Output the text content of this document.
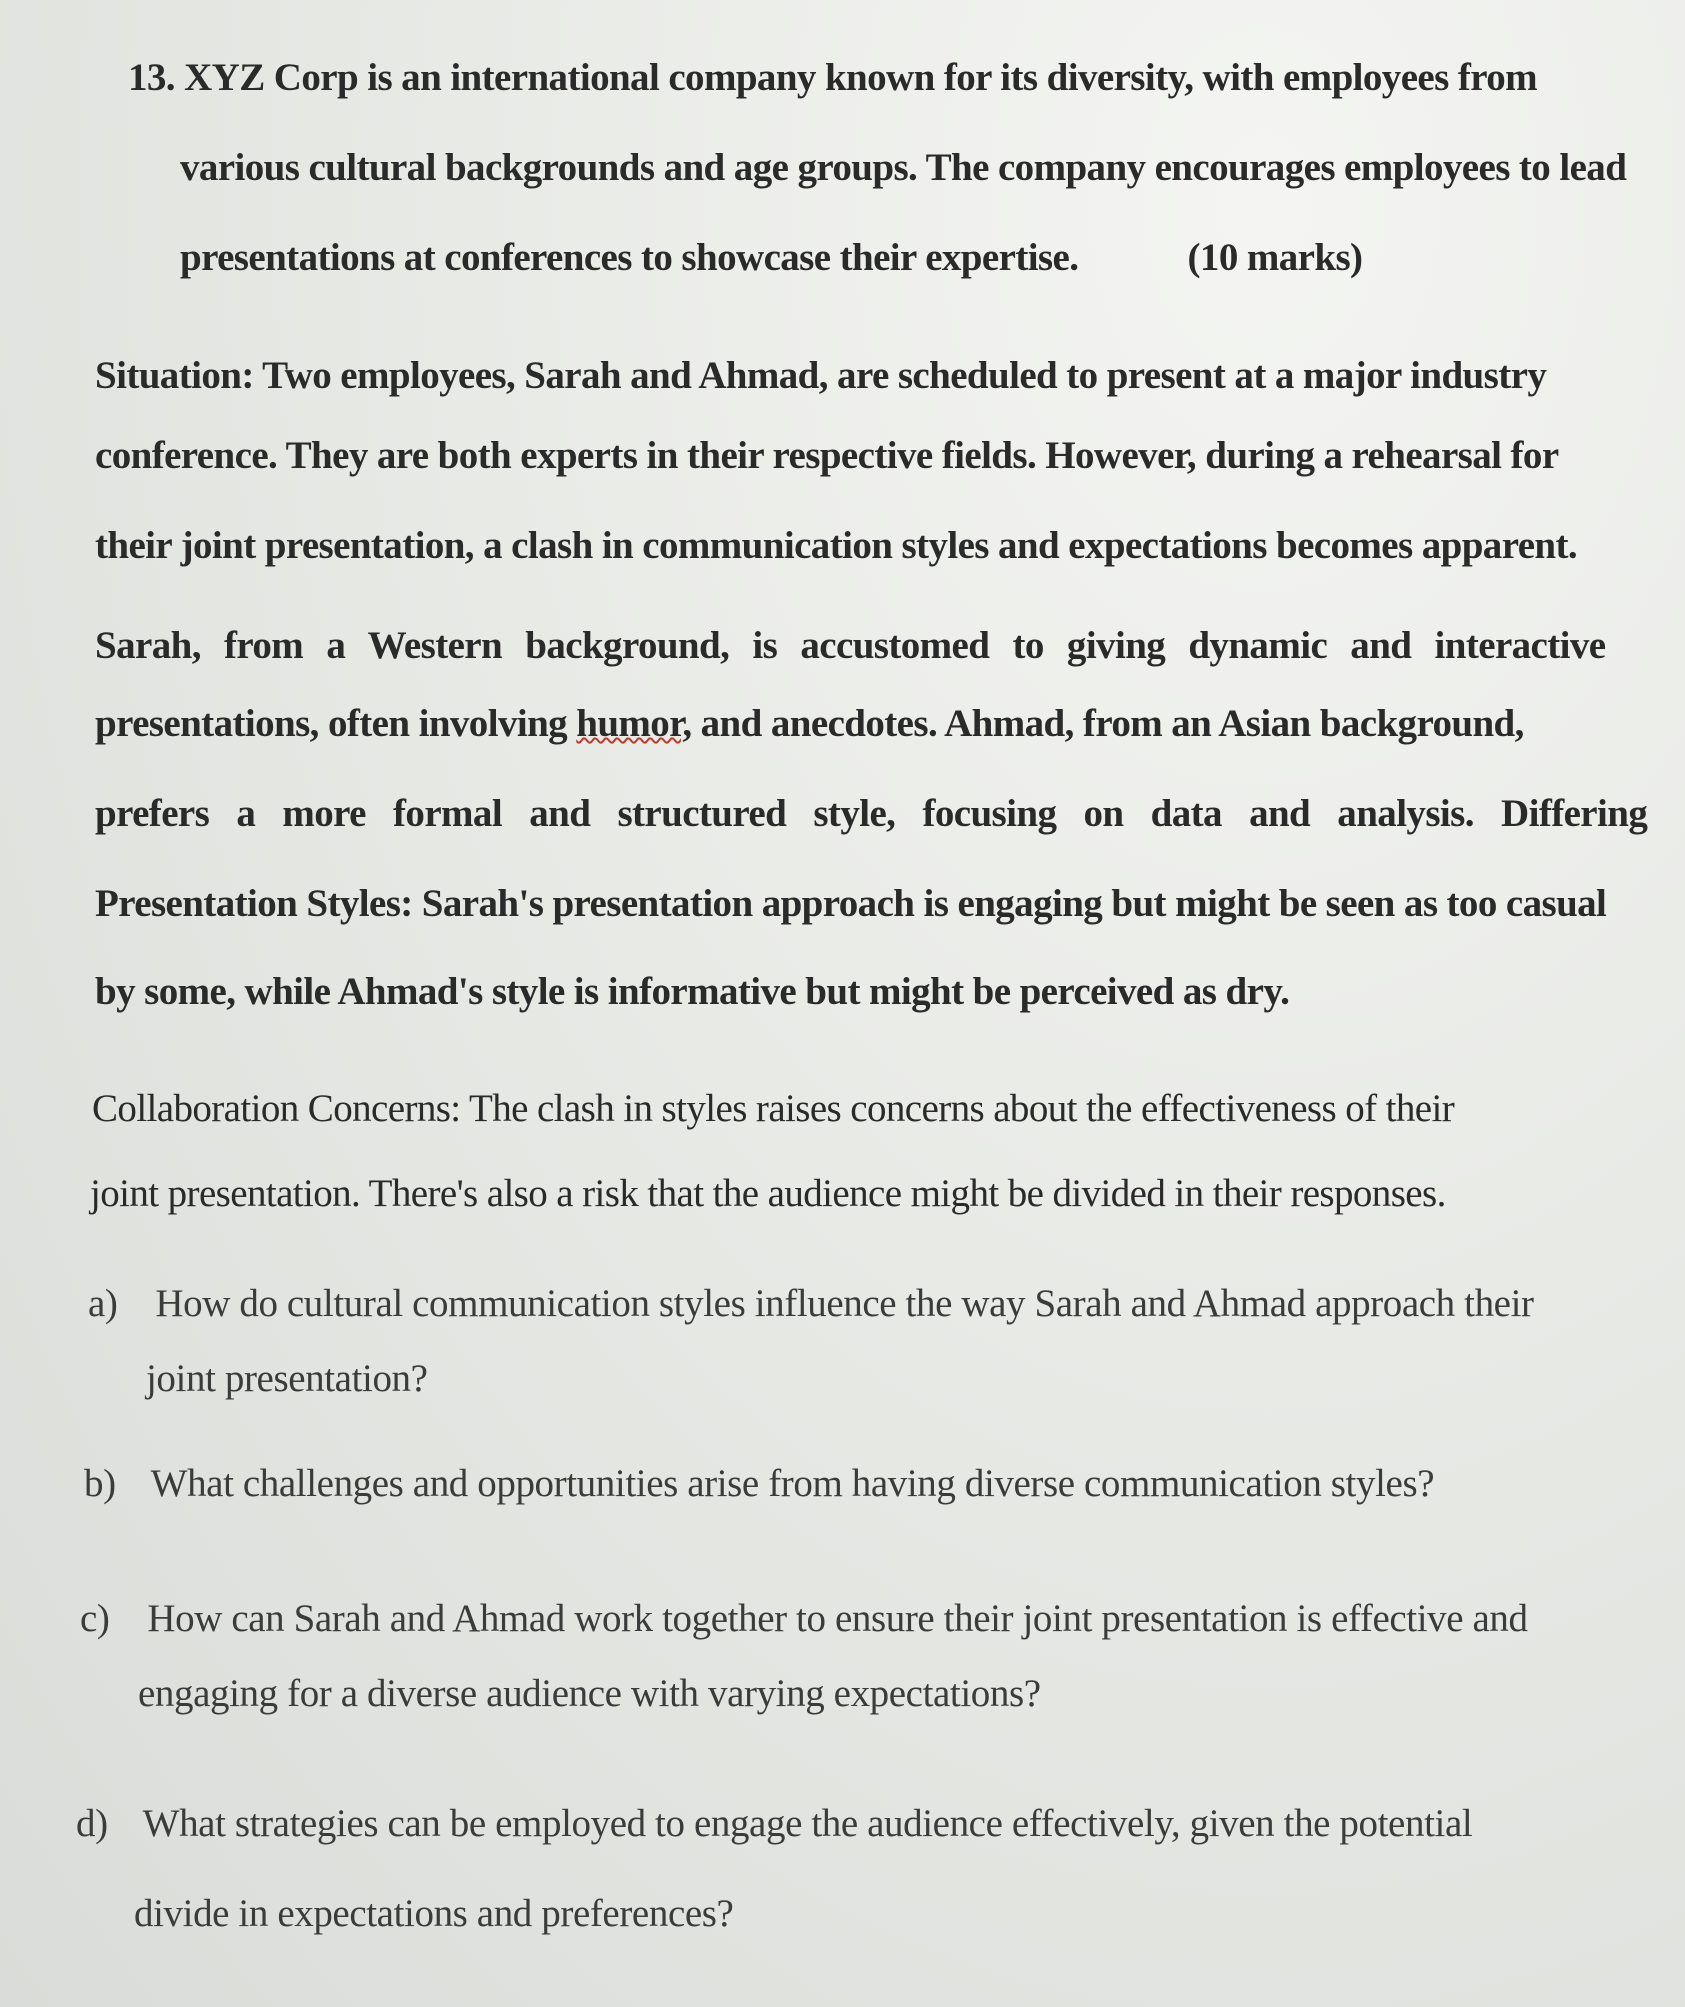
13. XYZ Corp is an international company known for its diversity, with employees from
various cultural backgrounds and age groups. The company encourages employees to lead
presentations at conferences to showcase their expertise.	(10 marks)
Situation: Two employees, Sarah and Ahmad, are scheduled to present at a major industry
conference. They are both experts in their respective fields. However, during a rehearsal for
their joint presentation, a clash in communication styles and expectations becomes apparent.
Sarah, from a Western background, is accustomed to giving dynamic and interactive
presentations, often involving humor, and anecdotes. Ahmad, from an Asian background,
prefers a more formal and structured style, focusing on data and analysis. Differing
Presentation Styles: Sarah's presentation approach is engaging but might be seen as too casual
by some, while Ahmad's style is informative but might be perceived as dry.
Collaboration Concerns: The clash in styles raises concerns about the effectiveness of their
joint presentation. There's also a risk that the audience might be divided in their responses.
a) How do cultural communication styles influence the way Sarah and Ahmad approach their
joint presentation?
b) What challenges and opportunities arise from having diverse communication styles?
c) How can Sarah and Ahmad work together to ensure their joint presentation is effective and
engaging for a diverse audience with varying expectations?
d) What strategies can be employed to engage the audience effectively, given the potential
divide in expectations and preferences?
